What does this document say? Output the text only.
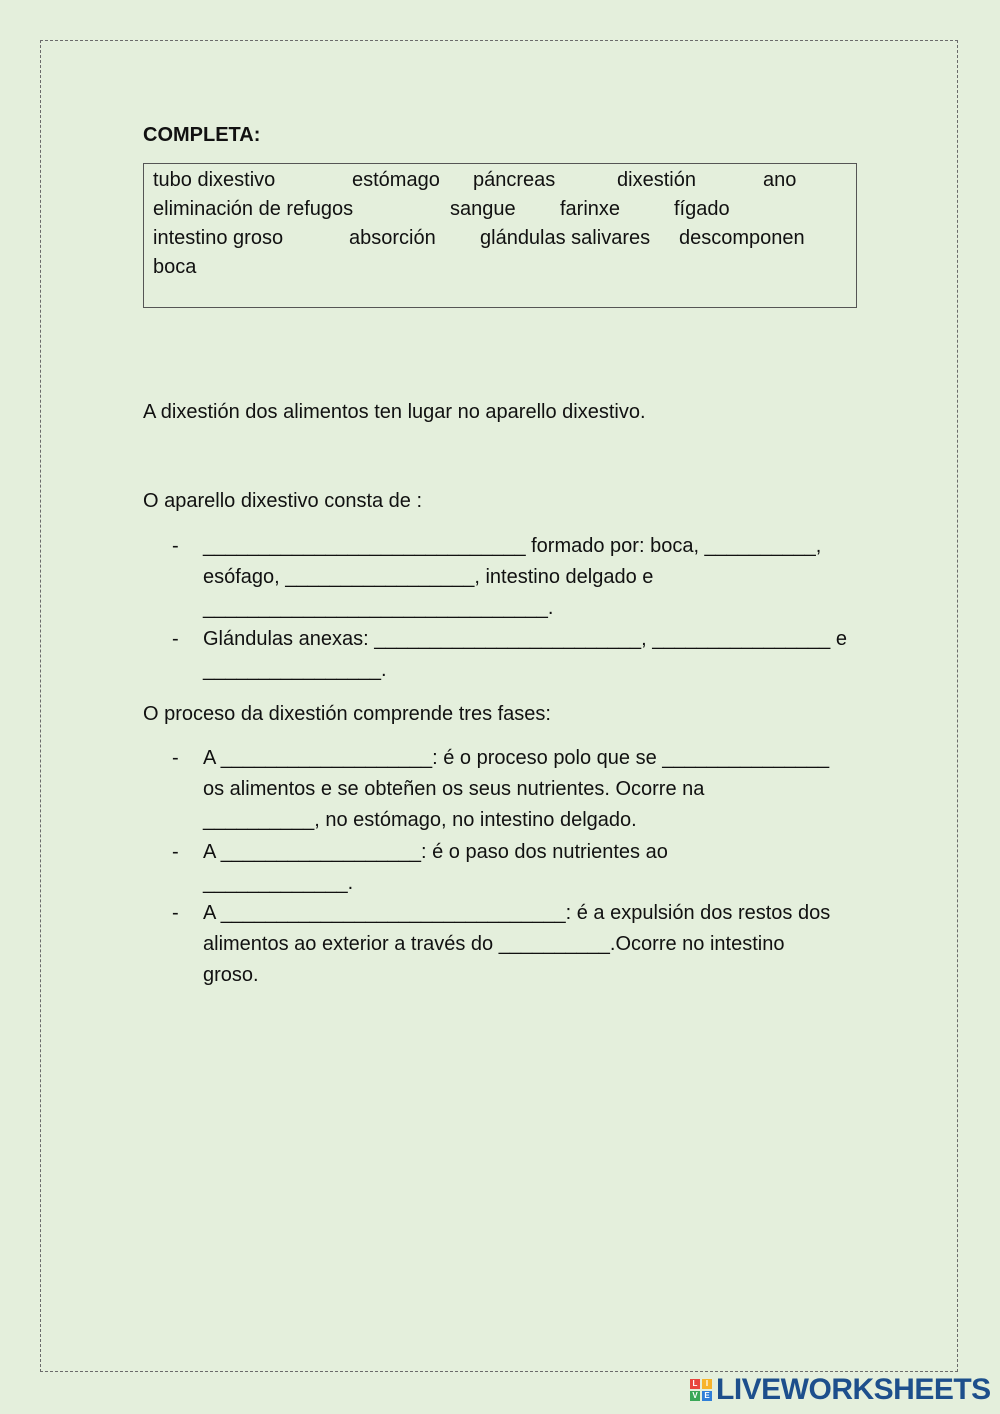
COMPLETA:
tubo dixestivo	estómago páncreas	dixestión	ano
eliminación de refugos	sangue farinxe	fígado
intestino groso	absorción glándulas salivares descomponen
boca
A dixestión dos alimentos ten lugar no aparello dixestivo.
O aparello dixestivo consta de :
- _____________________________ formado por: boca, __________,
esófago, _________________, intestino delgado e
_______________________________.
- Glándulas anexas: ________________________, ________________ e
________________.
O proceso da dixestión comprende tres fases:
- A ___________________: é o proceso polo que se _______________
os alimentos e se obteñen os seus nutrientes. Ocorre na
__________, no estómago, no intestino delgado.
- A __________________: é o paso dos nutrientes ao
_____________.
- A _______________________________: é a expulsión dos restos dos
alimentos ao exterior a través do __________.Ocorre no intestino
groso.
L	I
V E LIVEWORKSHEETS
